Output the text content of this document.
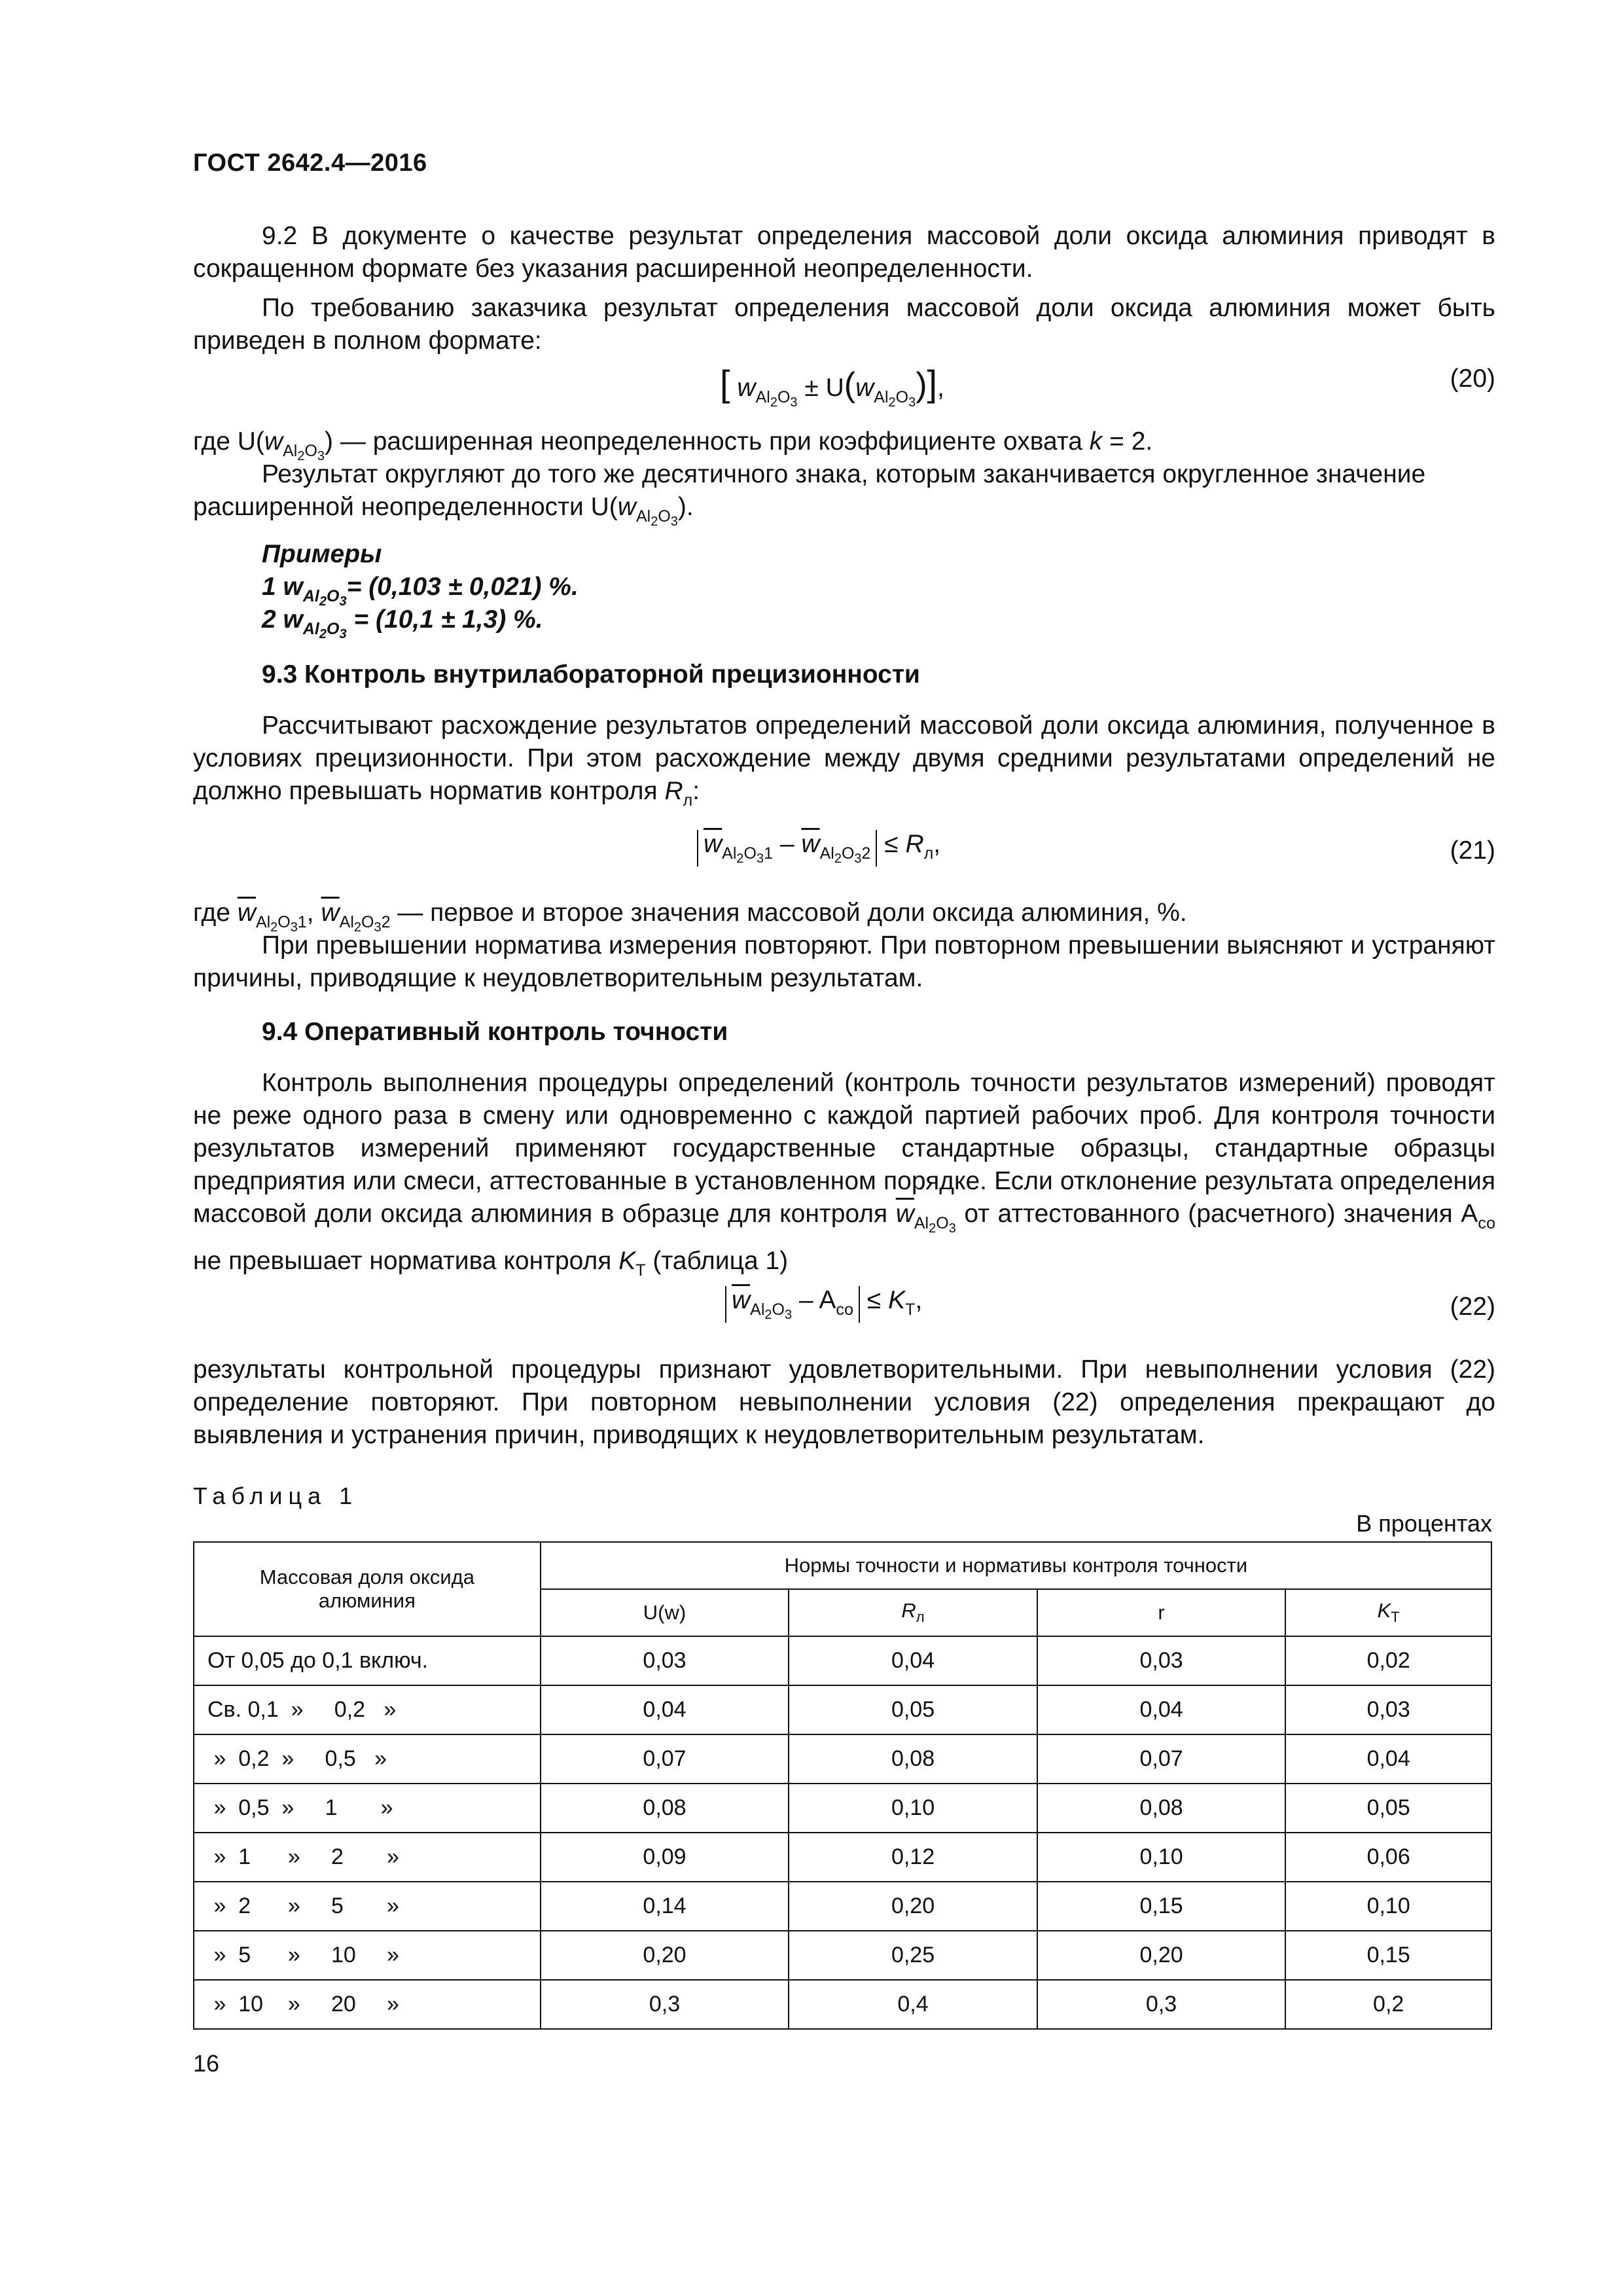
ГОСТ 2642.4—2016
9.2 В документе о качестве результат определения массовой доли оксида алюминия приводят в сокращенном формате без указания расширенной неопределенности.
По требованию заказчика результат определения массовой доли оксида алюминия может быть приведен в полном формате:
[ $w_{Al_2O_3} \pm U(w_{Al_2O_3})$],	(20)
где $U(w_{Al_2O_3})$ — расширенная неопределенность при коэффициенте охвата k = 2.
Результат округляют до того же десятичного знака, которым заканчивается округленное значение
расширенной неопределенности $U(w_{Al_2O_3})$.
Примеры
1 $w_{Al_2O_3}= (0,103 \pm 0,021)$ %.
2 $w_{Al_2O_3} = (10,1 \pm 1,3)$ %.
9.3 Контроль внутрилабораторной прецизионности
Рассчитывают расхождение результатов определений массовой доли оксида алюминия, полученное в условиях прецизионности. При этом расхождение между двумя средними результатами определений не должно превышать норматив контроля $R_л$:
$\overline{w}_{Al_2O_31} - \overline{w}_{Al_2O_32} \le R_л$,	(21)
где $\overline{w}_{Al_2O_31}$, $\overline{w}_{Al_2O_32}$ — первое и второе значения массовой доли оксида алюминия, %.
При превышении норматива измерения повторяют. При повторном превышении выясняют и устраняют причины, приводящие к неудовлетворительным результатам.
9.4 Оперативный контроль точности
Контроль выполнения процедуры определений (контроль точности результатов измерений) проводят не реже одного раза в смену или одновременно с каждой партией рабочих проб. Для контроля точности результатов измерений применяют государственные стандартные образцы, стандартные образцы предприятия или смеси, аттестованные в установленном порядке. Если отклонение результата определения массовой доли оксида алюминия в образце для контроля $\overline{w}_{Al_2O_3}$ от аттестованного (расчетного) значения $А_{со}$ не превышает норматива контроля $K_Т$ (таблица 1)
$\overline{w}_{Al_2O_3} - A_{со} \le K_Т$,	(22)
результаты контрольной процедуры признают удовлетворительными. При невыполнении условия (22) определение повторяют. При повторном невыполнении условия (22) определения прекращают до выявления и устранения причин, приводящих к неудовлетворительным результатам.
Таблица 1
В процентах
Массовая доля оксида алюминия	Нормы точности и нормативы контроля точности			
	U(w)	$R_л$	r	$K_Т$
От 0,05 до 0,1 включ.	0,03	0,04	0,03	0,02
Св. 0,1  »     0,2   »	0,04	0,05	0,04	0,03
»  0,2  »     0,5   »	0,07	0,08	0,07	0,04
»  0,5  »     1       »	0,08	0,10	0,08	0,05
»  1      »     2       »	0,09	0,12	0,10	0,06
»  2      »     5       »	0,14	0,20	0,15	0,10
»  5      »     10     »	0,20	0,25	0,20	0,15
»  10    »     20     »	0,3	0,4	0,3	0,2
16
